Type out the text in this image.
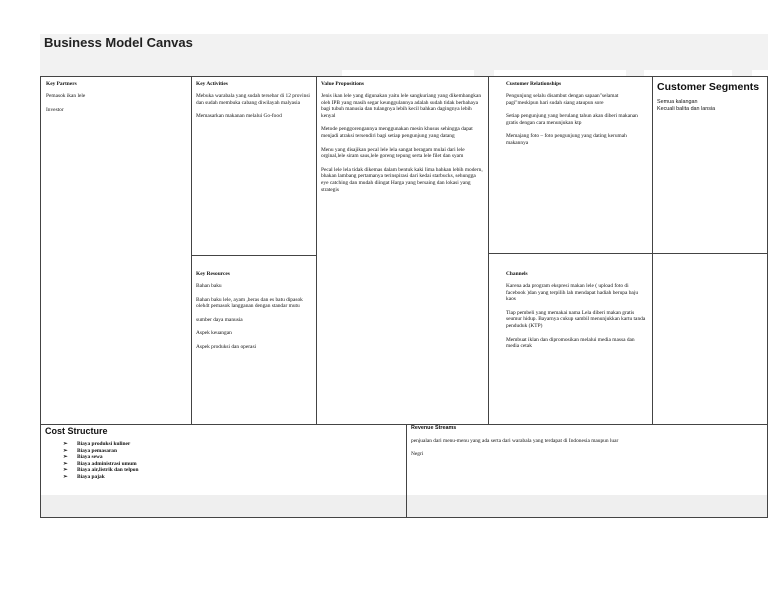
Business Model Canvas
Key Partners
Pemasok ikan lele
Investor
Key Activities
Mebuka warabala yang sudah tersebar di 12 provinsi dan sudah membuka cabang diwilayah malyasia
Memasarkan makanan melalui Go-food
Value Propositions
Jenis ikan lele yang digunakan yaitu lele sangkuriang yang dikembangkan oleh IPB yang masih segar keunggulannya adalah sudah tidak berbahaya bagi tubuh manusia dan tulangnya lebih kecil bahkan dagingnya lebih kenyal
Metode penggorengannya menggunakan mesin khusus sehingga dapat menjadi atraksi tersendiri bagi setiap pengunjung yang datang
Menu yang disajikan pecal lele lela sangat beragam mulai dari lele orginal,lele siram saus,lele goreng tepung serta lele filet dan syam
Pecal lele lela tidak dikemas dalam bentuk kaki lima bahkan lebih modern, bhakan lambang pertamanya terinspirasi dari kedai starbucks, sehungga eye catching dan mudah diingat Harga yang bersaing dan lokasi yang strategis
Customer Relationships
Pengunjung selalu disambut dengan sapaan"selamat pagi"meskipun hari sudah siang ataupun sore
Setiap pengunjung yang berulang tahun akan diberi makanan gratis dengan cara menunjukan ktp
Memajang foto – foto pengunjung yang dating kerumah makannya
Customer Segments
Semua kalangan
Kecuali balita dan lansia
Key Resources
Bahan baku
Bahan baku lele, ayam ,beras dan es batu dipasok oleh4t pemasok langganan dengan standar mutu
sumber daya manusia
Aspek keuangan
Aspek produksi dan operasi
Channels
Karena ada program ekspresi makan lele ( upload foto di facebook )dan yang terpilih lah mendapat hadiah berupa baju kaos
Tiap pembeli yang memakai nama Lela diberi makan gratis seumur hidup. Bayarnya cukup sambil menunjukkan kartu tanda penduduk (KTP)
Membuat iklan dan dipromosikan melalui media massa dan media cetak
Cost Structure
➢ Biaya produksi kuliner
➢ Biaya pemasaran
➢ Biaya sewa
➢ Biaya administrasi umum
➢ Biaya air,listrik dan telpon
➢ Biaya pajak
Revenue Streams
penjualan dari menu-menu yang ada serta dari warabala yang terdapat di Indonesia maupun luar
Negri
